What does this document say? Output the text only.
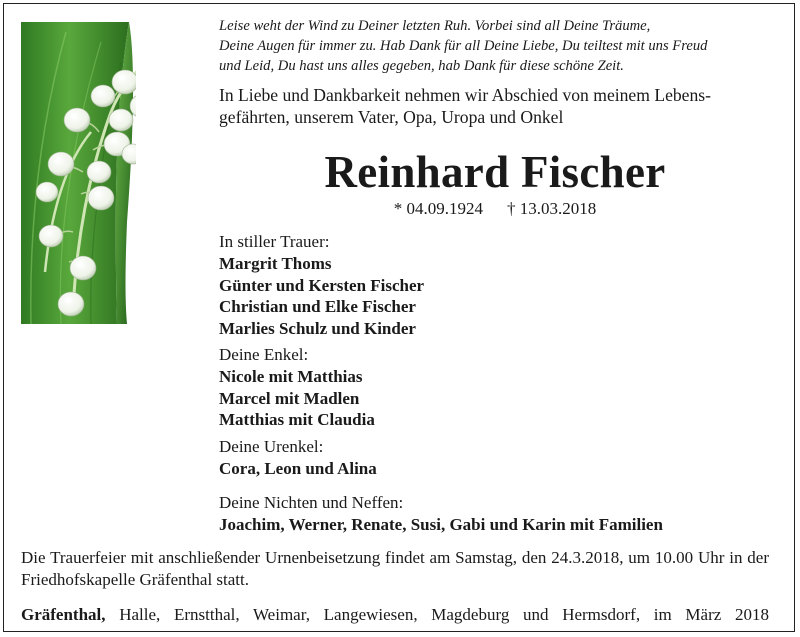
Leise weht der Wind zu Deiner letzten Ruh. Vorbei sind all Deine Träume,
Deine Augen für immer zu. Hab Dank für all Deine Liebe, Du teiltest mit uns Freud
und Leid, Du hast uns alles gegeben, hab Dank für diese schöne Zeit.
In Liebe und Dankbarkeit nehmen wir Abschied von meinem Lebens-
gefährten, unserem Vater, Opa, Uropa und Onkel
Reinhard Fischer
* 04.09.1924 † 13.03.2018
In stiller Trauer:
Margrit Thoms
Günter und Kersten Fischer
Christian und Elke Fischer
Marlies Schulz und Kinder
Deine Enkel:
Nicole mit Matthias
Marcel mit Madlen
Matthias mit Claudia
Deine Urenkel:
Cora, Leon und Alina
Deine Nichten und Neffen:
Joachim, Werner, Renate, Susi, Gabi und Karin mit Familien
Die Trauerfeier mit anschließender Urnenbeisetzung findet am Samstag, den 24.3.2018, um 10.00 Uhr in der Friedhofskapelle Gräfenthal statt.
Gräfenthal, Halle, Ernstthal, Weimar, Langewiesen, Magdeburg und Hermsdorf, im März 2018
